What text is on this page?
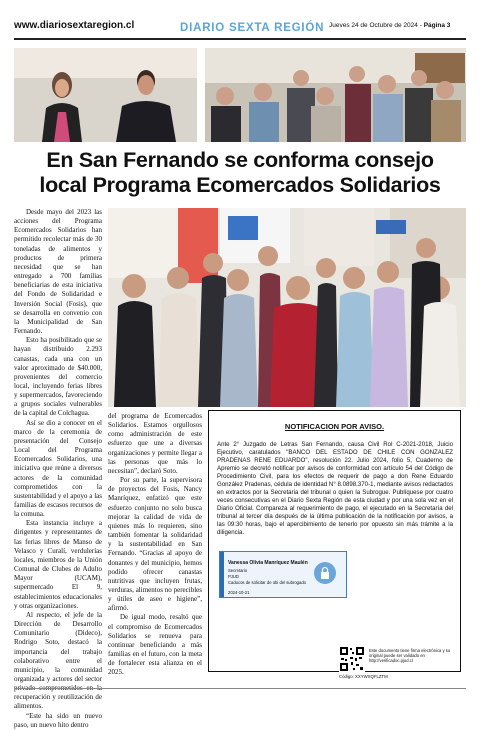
www.diariosextaregion.cl	DIARIO SEXTA REGIÓN Jueves 24 de Octubre de 2024 - Página 3
En San Fernando se conforma consejo
local Programa Ecomercados Solidarios

Desde mayo del 2023 las acciones del Programa Ecomercados Solidarios han permitido recolectar más de 30 toneladas de alimentos y productos de primera necesidad que se han entregado a 700 familias beneficiarias de esta iniciativa del Fondo de Solidaridad e Inversión Social (Fosis), que se desarrolla en convenio con la Municipalidad de San Fernando.

Esto ha posibilitado que se hayan distribuido 2.293 canastas, cada una con un valor aproximado de $40.000, provenientes del comercio local, incluyendo ferias libres y supermercados, favoreciendo a grupos sociales vulnerables de la capital de Colchagua.

Así se dio a conocer en el marco de la ceremonia de presentación del Consejo Local del Programa Ecomercados Solidarios, una iniciativa que reúne a diversos actores de la comunidad comprometidos con la sustentabilidad y el apoyo a las familias de escasos recursos de la comuna.

Esta instancia incluye a dirigentes y representantes de las ferias libres de Manso de Velasco y Curalí, verdulerías locales, miembros de la Unión Comunal de Clubes de Adulto Mayor (UCAM), supermercado El 9, establecimientos educacionales y otras organizaciones.

Al respecto, el jefe de la Dirección de Desarrollo Comunitario (Dideco), Rodrigo Soto, destacó la importancia del trabajo colaborativo entre el municipio, la comunidad organizada y actores del sector recuperación y reutilización de alimentos.

“Este ha sido un nuevo paso, un nuevo hito dentro

del programa de Ecomercados Solidarios. Estamos orgullosos como administración de este esfuerzo que une a diversas organizaciones y permite llegar a las personas que más lo necesitan”, declaró Soto.

Por su parte, la supervisora de proyectos del Fosis, Nancy Manríquez, enfatizó que este esfuerzo conjunto no solo busca mejorar la calidad de vida de quienes más lo requieren, sino también fomentar la solidaridad y la sustentabilidad en San Fernando. “Gracias al apoyo de donantes y del municipio, hemos podido ofrecer canastas nutritivas que incluyen frutas, verduras, alimentos no perecibles y útiles de aseo e higiene”, afirmó.

De igual modo, resaltó que el compromiso de Ecomercados Solidarios se renueva para continuar beneficiando a más familias en el futuro, con la meta de fortalecer esta alianza en el 2025.

NOTIFICACION POR AVISO.
Ante 2° Juzgado de Letras San Fernando, causa Civil Rol C-2021-2018, Juicio Ejecutivo, caratulados "BANCO DEL ESTADO DE CHILE CON GONZALEZ PRADENAS RENE EDUARDO", resolución 22. Julio 2024, folio 5, Cuaderno de Apremio se decretó notificar por avisos de conformidad con artículo 54 del Código de Procedimiento Civil, para los efectos de requerir de pago a don Rene Eduardo González Pradenas, cédula de identidad N° 8.0898.370-1, mediante avisos redactados en extractos por la Secretaria del tribunal o quien la Subrogue. Publíquese por cuatro veces consecutivas en el Diario Sexta Región de esta ciudad y por una sola vez en el Diario Oficial. Compareza al requerimiento de pago, el ejecutado en la Secretaría del tribunal al tercer día después de la última publicación de la notificación por avisos, a las 09:30 horas, bajo el apercibimiento de tenerlo por opuesto sin más trámite a la diligencia.
Vanessa Olivia Manríquez Maulén
Secretario
PJUD
Caducos de solicitar de obi del subrogado
2024-10-21
Este documento tiene firma electrónica y su original puede ser validado en http://verificadoc.pjud.cl
Código: XXYWXQFLZTM
